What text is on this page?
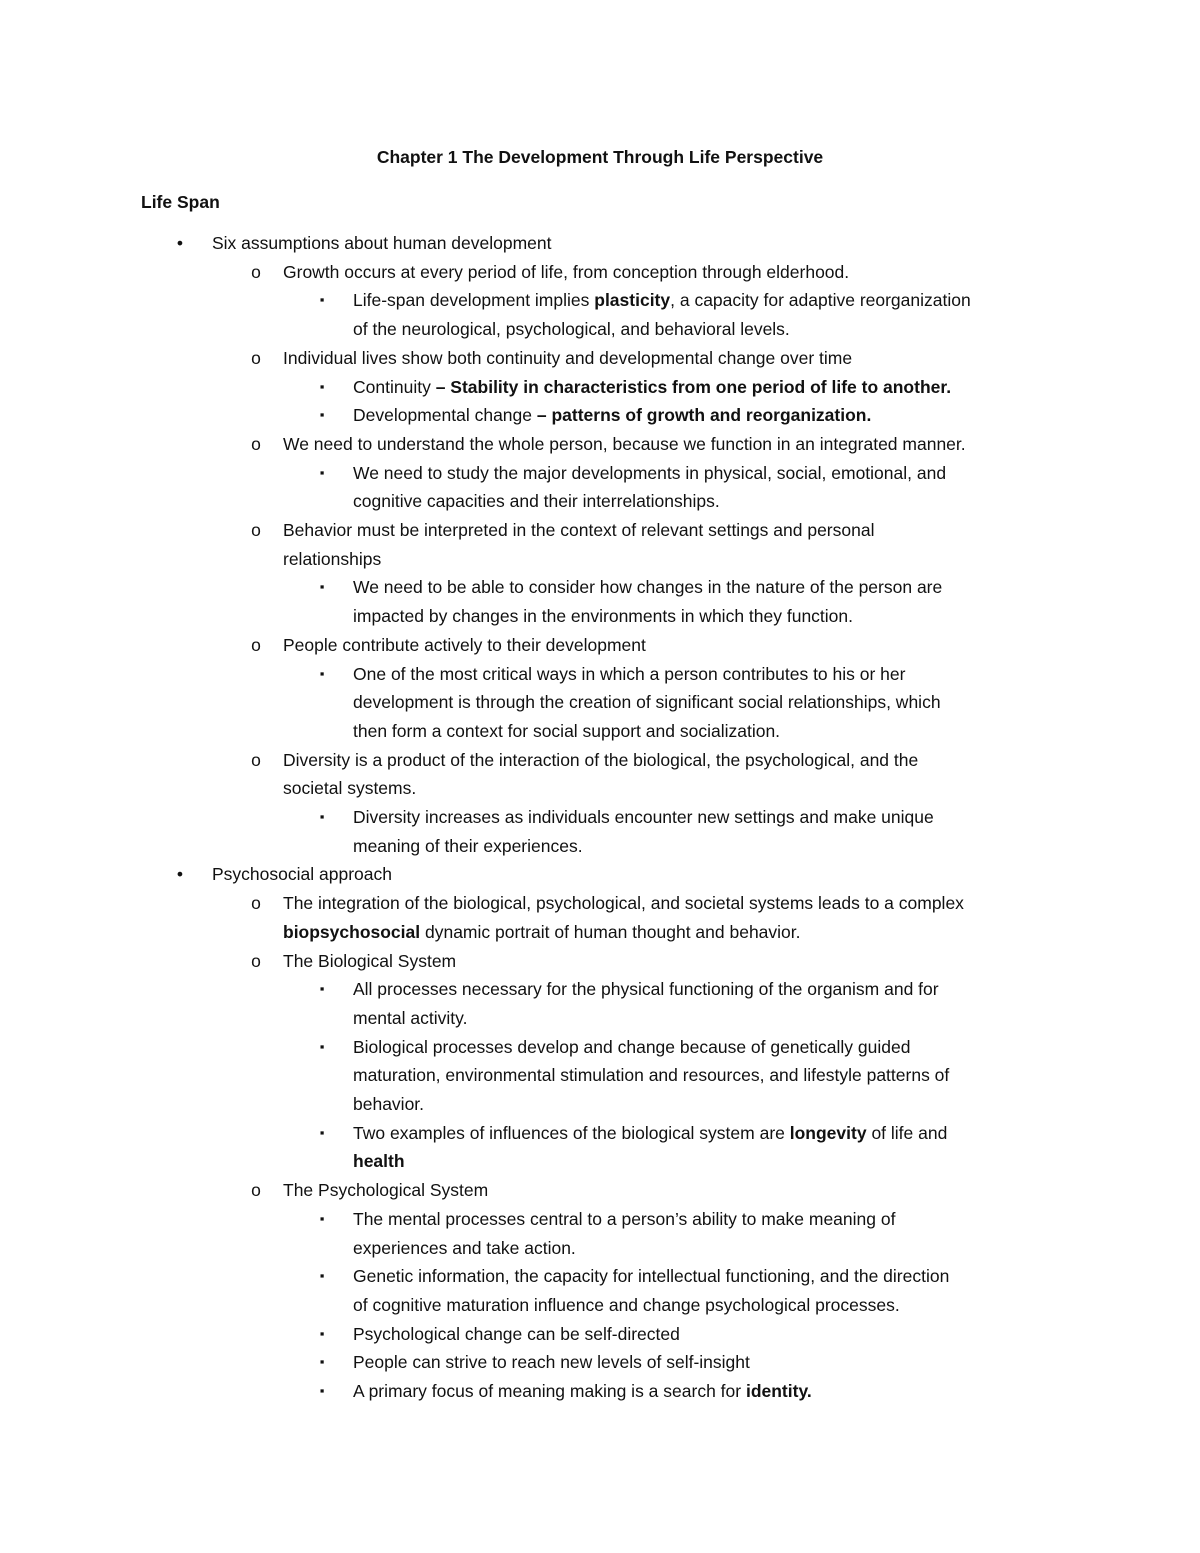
Chapter 1 The Development Through Life Perspective
Life Span
•	Six assumptions about human development
o Growth occurs at every period of life, from conception through elderhood.
▪	Life-span development implies plasticity, a capacity for adaptive reorganization
of the neurological, psychological, and behavioral levels.
o Individual lives show both continuity and developmental change over time
▪	Continuity – Stability in characteristics from one period of life to another.
▪	Developmental change – patterns of growth and reorganization.
o We need to understand the whole person, because we function in an integrated manner.
▪	We need to study the major developments in physical, social, emotional, and
cognitive capacities and their interrelationships.
o Behavior must be interpreted in the context of relevant settings and personal
relationships
▪	We need to be able to consider how changes in the nature of the person are
impacted by changes in the environments in which they function.
o People contribute actively to their development
▪	One of the most critical ways in which a person contributes to his or her
development is through the creation of significant social relationships, which
then form a context for social support and socialization.
o Diversity is a product of the interaction of the biological, the psychological, and the
societal systems.
▪	Diversity increases as individuals encounter new settings and make unique
meaning of their experiences.
•	Psychosocial approach
o The integration of the biological, psychological, and societal systems leads to a complex
biopsychosocial dynamic portrait of human thought and behavior.
o The Biological System
▪	All processes necessary for the physical functioning of the organism and for
mental activity.
▪	Biological processes develop and change because of genetically guided
maturation, environmental stimulation and resources, and lifestyle patterns of
behavior.
▪	Two examples of influences of the biological system are longevity of life and
health
o The Psychological System
▪	The mental processes central to a person’s ability to make meaning of
experiences and take action.
▪	Genetic information, the capacity for intellectual functioning, and the direction
of cognitive maturation influence and change psychological processes.
▪	Psychological change can be self-directed
▪	People can strive to reach new levels of self-insight
▪	A primary focus of meaning making is a search for identity.
